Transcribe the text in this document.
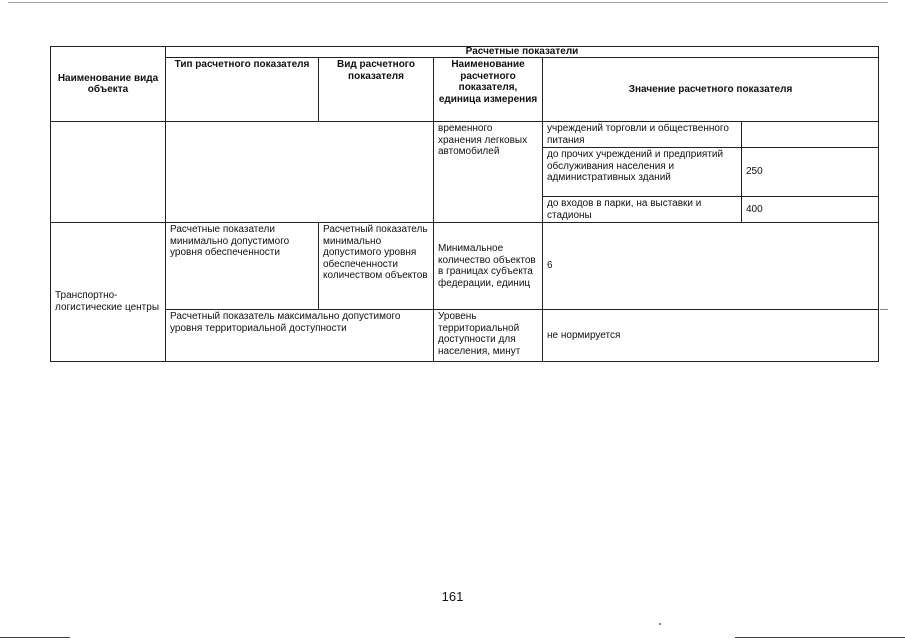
Наименование вида объекта	Расчетные показатели				
	Тип расчетного показателя	Вид расчетного показателя	Наименование расчетного показателя, единица измерения	Значение расчетного показателя	
			временного хранения легковых автомобилей	учреждений торговли и общественного питания	
				до прочих учреждений и предприятий обслуживания населения и административных зданий	250
				до входов в парки, на выставки и стадионы	400
Транспортно-логистические центры	Расчетные показатели минимально допустимого уровня обеспеченности	Расчетный показатель минимально допустимого уровня обеспеченности количеством объектов	Минимальное количество объектов в границах субъекта федерации, единиц	6	
	Расчетный показатель максимально допустимого уровня территориальной доступности		Уровень территориальной доступности для населения, минут	не нормируется	
161
